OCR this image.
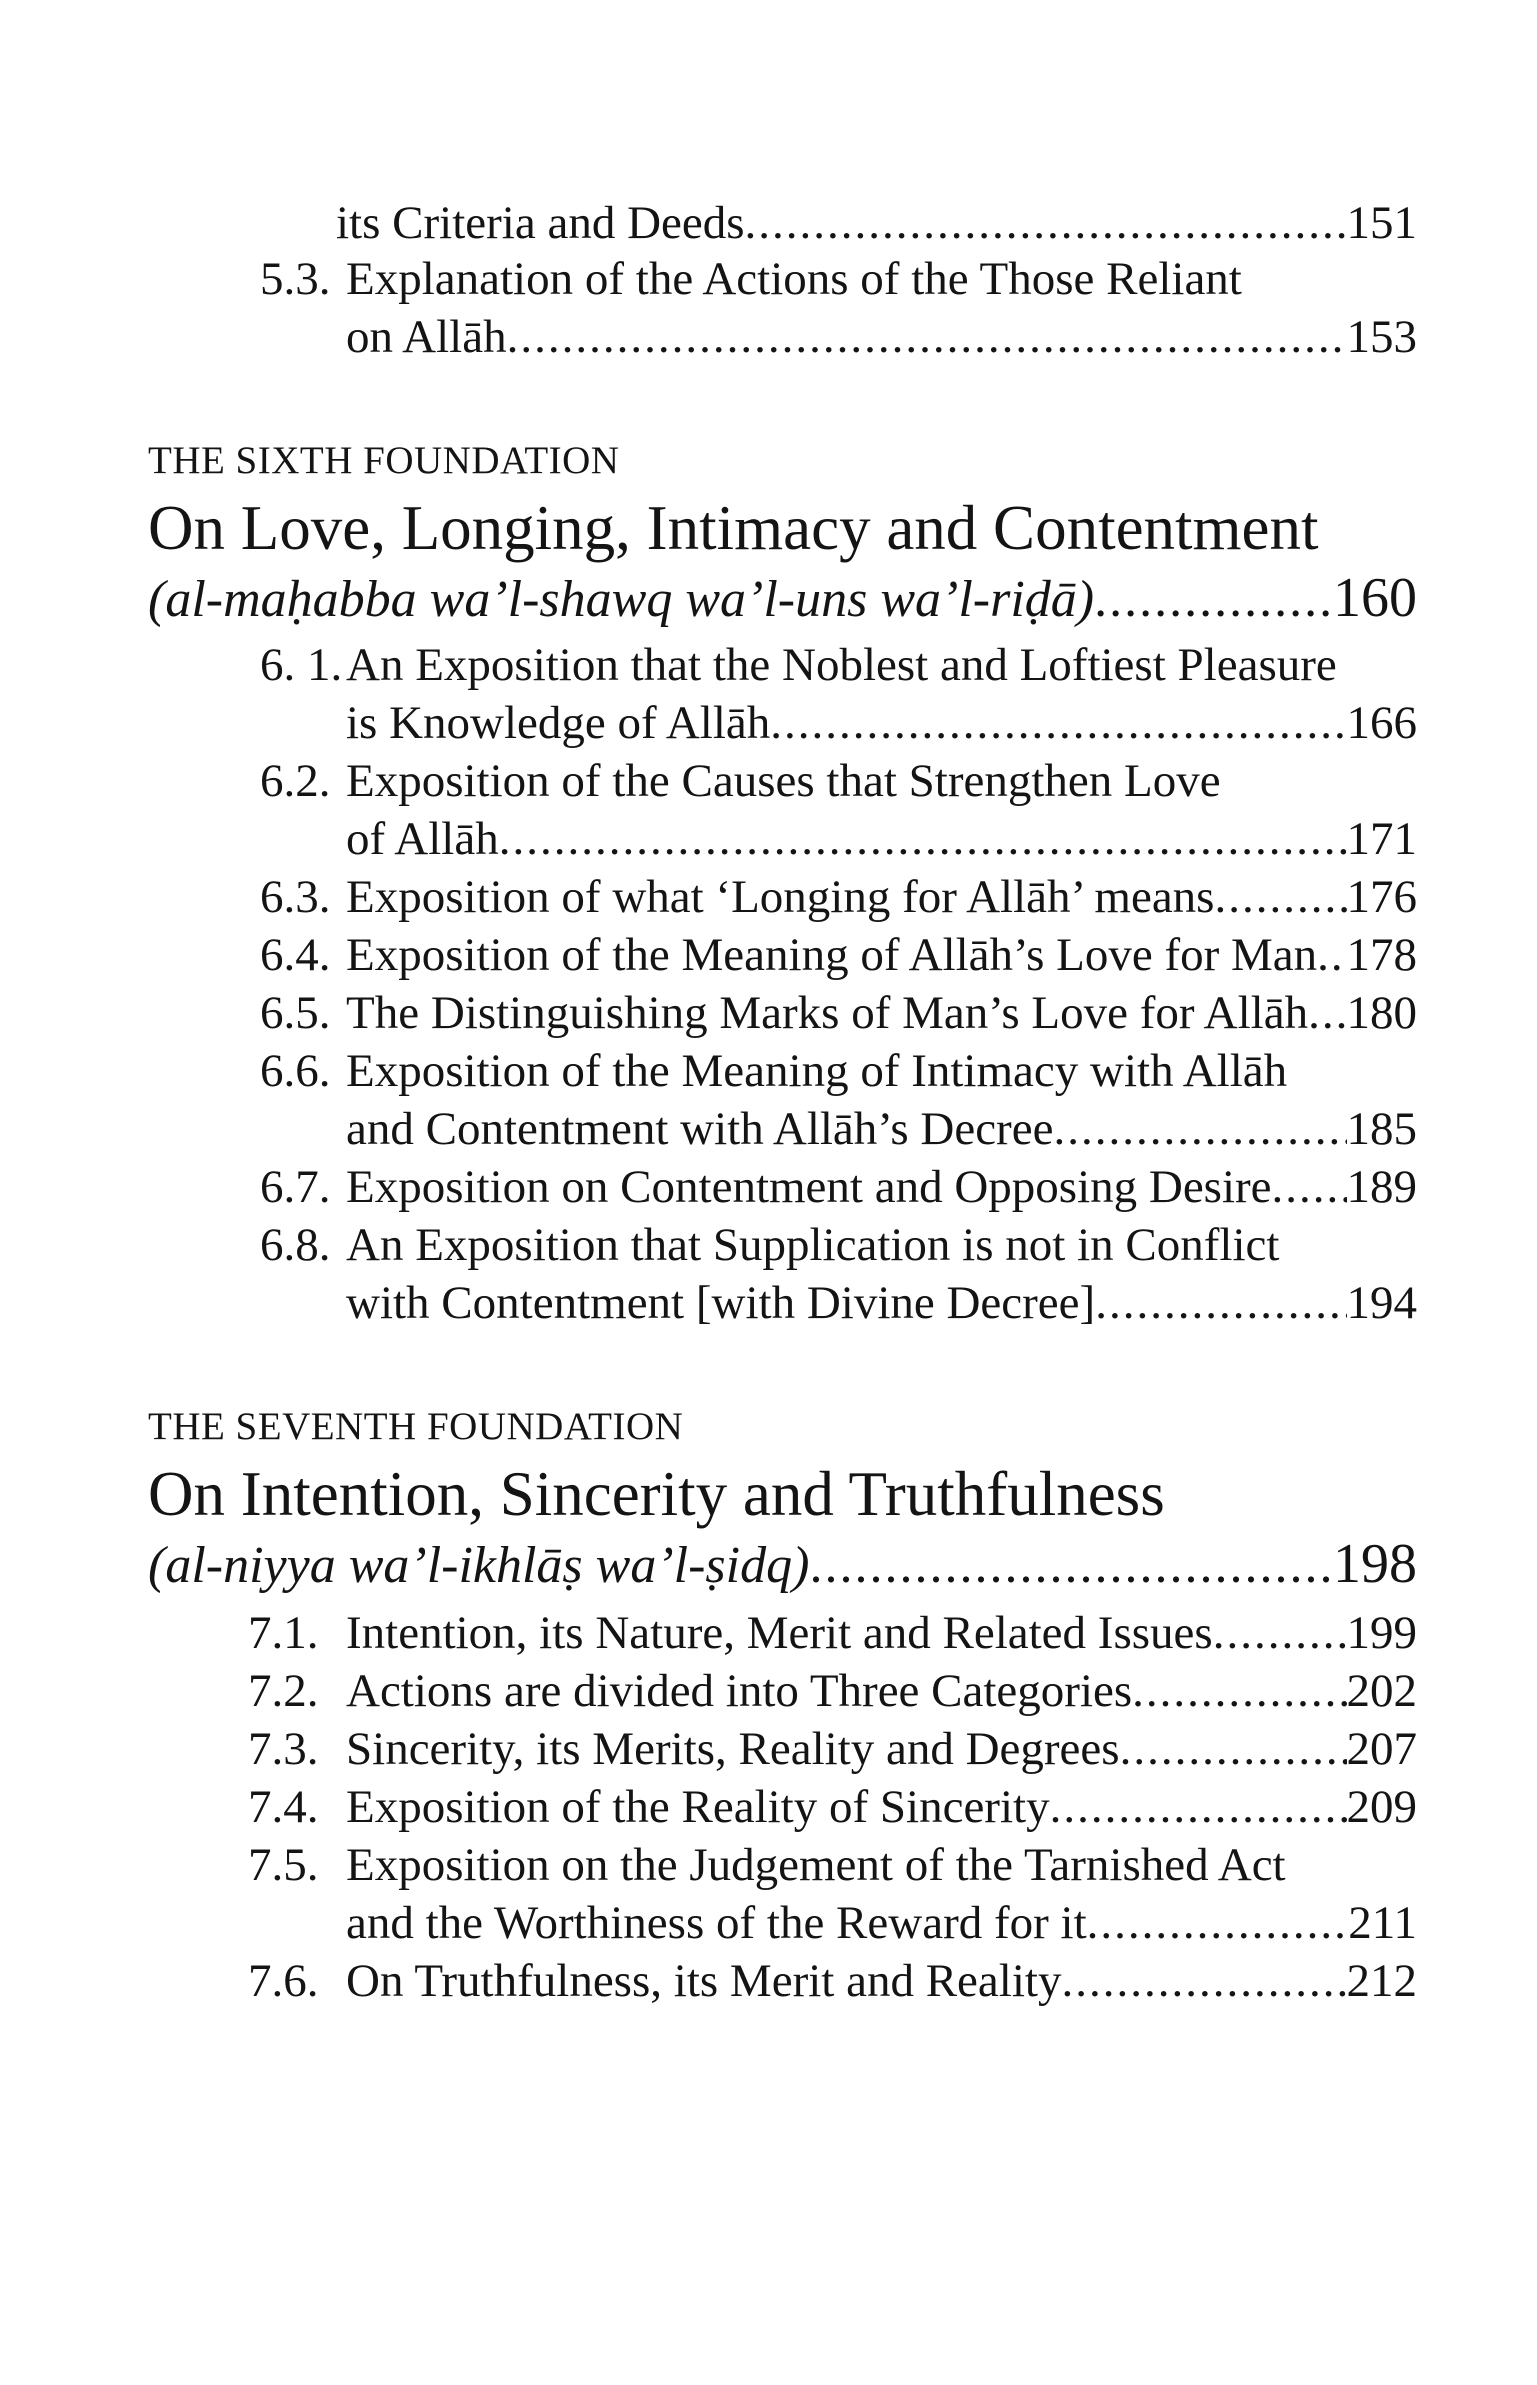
its Criteria and Deeds .....	151
5.3. Explanation of the Actions of the Those Reliant
on Allāh .....	153
THE SIXTH FOUNDATION
On Love, Longing, Intimacy and Contentment
(al-maḥabba wa’l-shawq wa’l-uns wa’l-riḍā) .....	160
6. 1.An Exposition that the Noblest and Loftiest Pleasure
is Knowledge of Allāh .....	166
6.2. Exposition of the Causes that Strengthen Love
of Allāh .....	171
6.3. Exposition of what ‘Longing for Allāh’ means .....	176
6.4. Exposition of the Meaning of Allāh’s Love for Man ..... 178
6.5. The Distinguishing Marks of Man’s Love for Allāh ..... 180
6.6. Exposition of the Meaning of Intimacy with Allāh
and Contentment with Allāh’s Decree .....	185
6.7. Exposition on Contentment and Opposing Desire ..... 189
6.8. An Exposition that Supplication is not in Conflict
with Contentment [with Divine Decree] .....	194
THE SEVENTH FOUNDATION
On Intention, Sincerity and Truthfulness
(al-niyya wa’l-ikhlāṣ wa’l-ṣidq) .....	198
7.1. Intention, its Nature, Merit and Related Issues .....	199
7.2. Actions are divided into Three Categories .....	202
7.3. Sincerity, its Merits, Reality and Degrees .....	207
7.4. Exposition of the Reality of Sincerity .....	209
7.5. Exposition on the Judgement of the Tarnished Act
and the Worthiness of the Reward for it .....	211
7.6. On Truthfulness, its Merit and Reality .....	212
